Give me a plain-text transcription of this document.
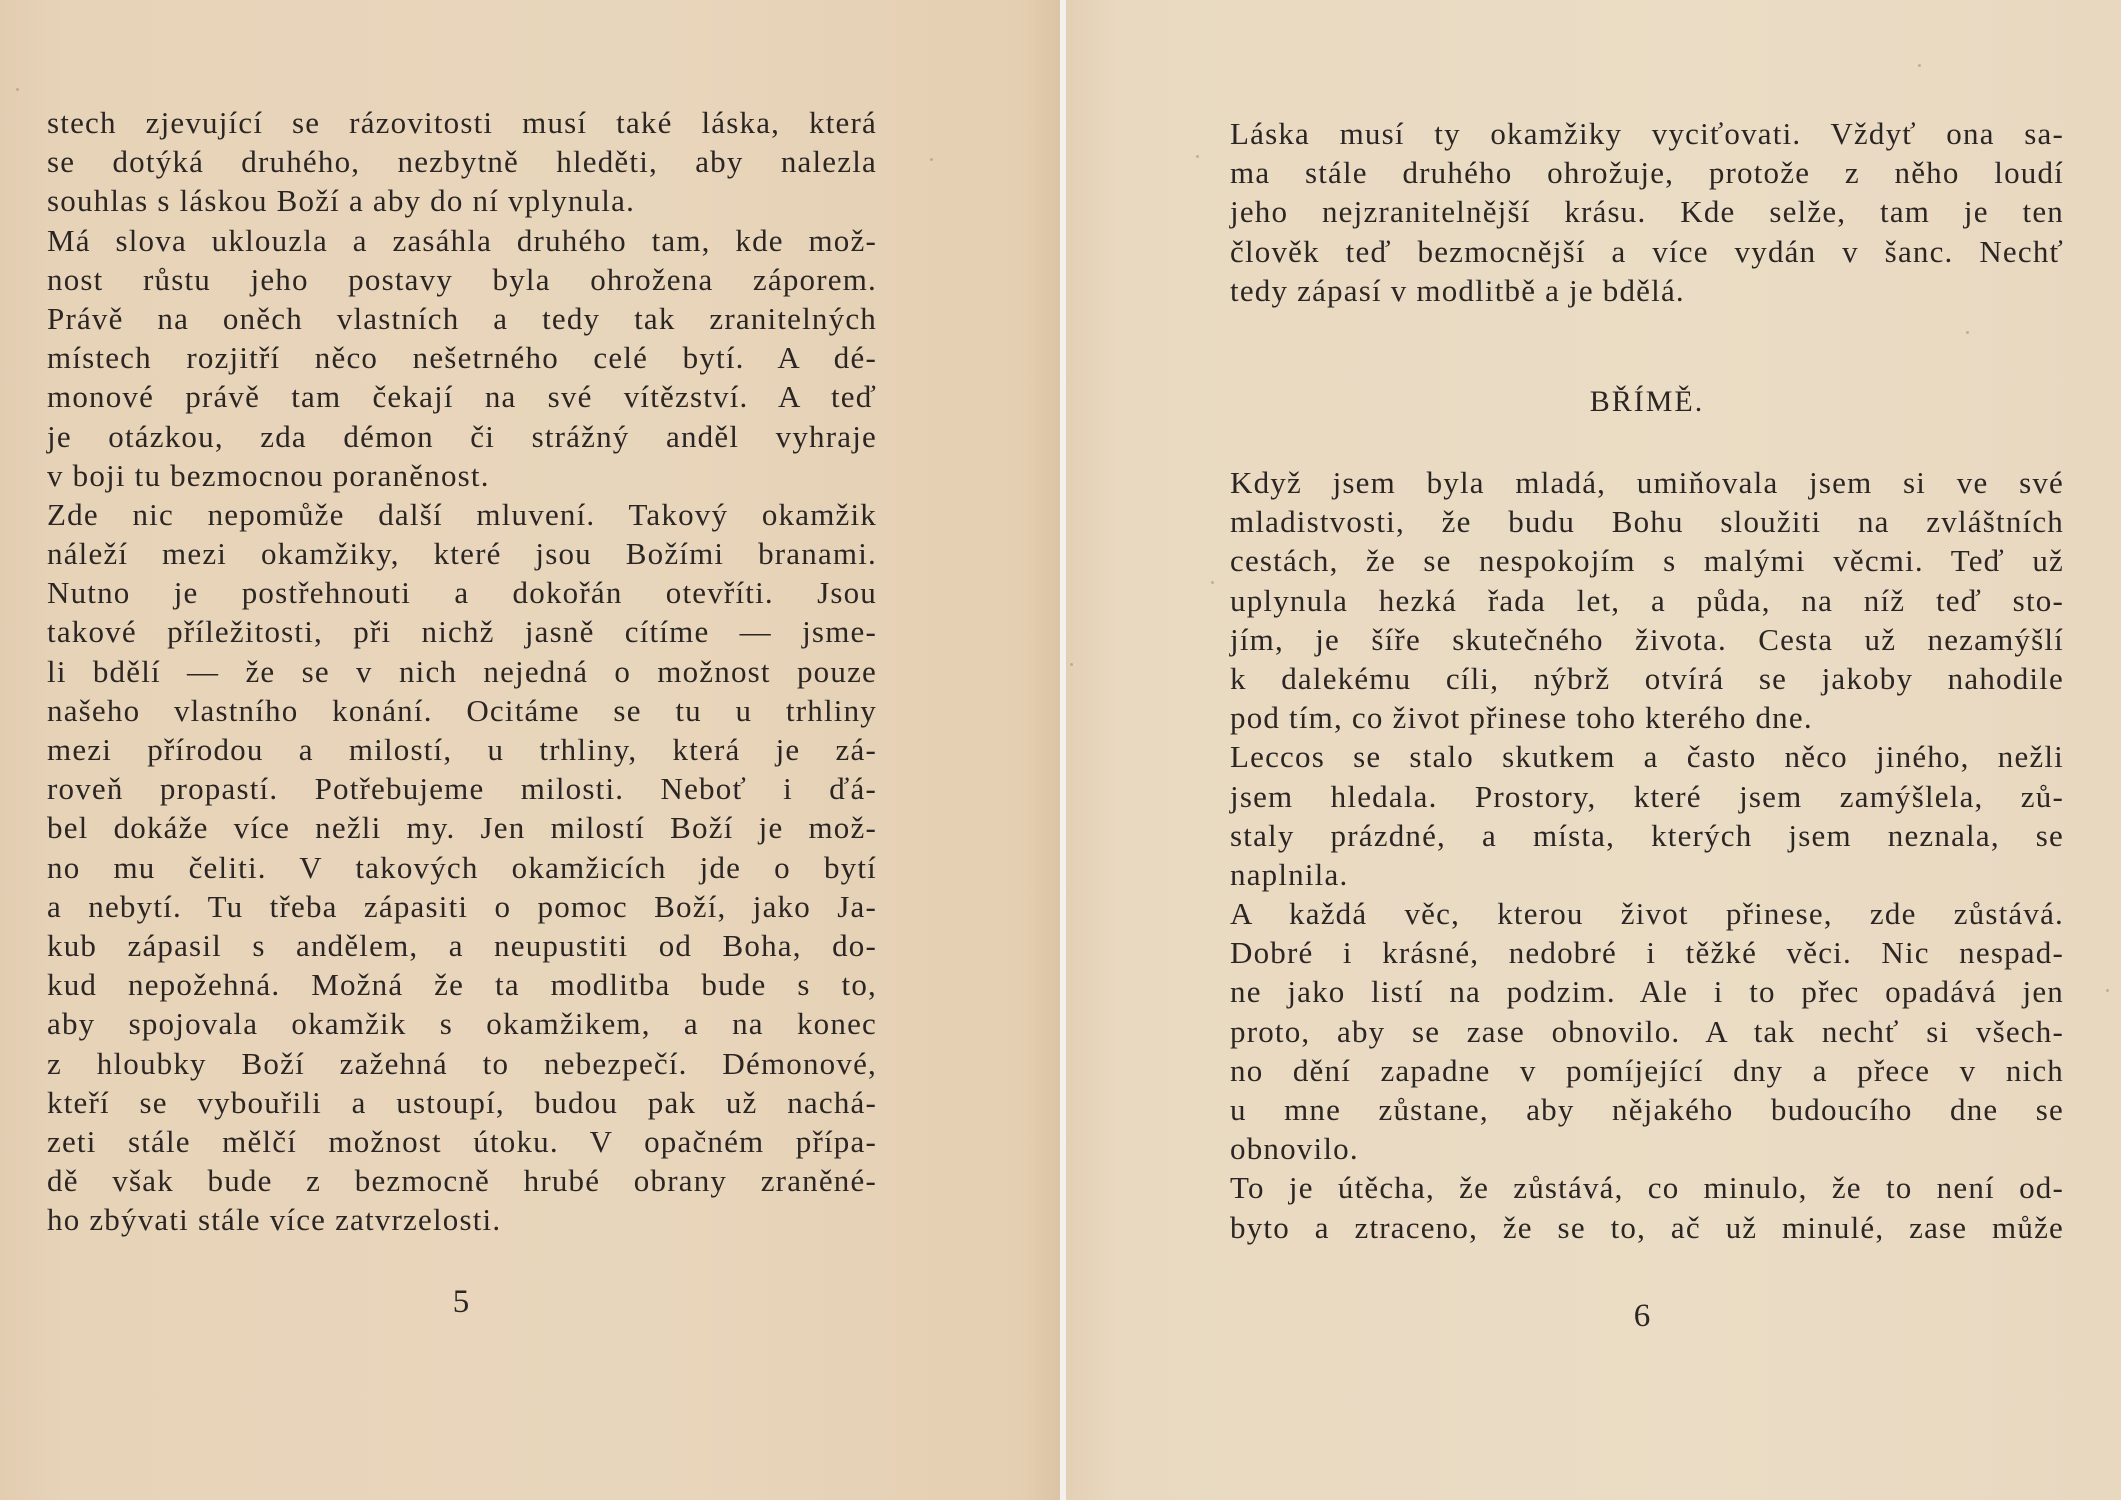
stech zjevující se rázovitosti musí také láska, která
se dotýká druhého, nezbytně hleděti, aby nalezla
souhlas s láskou Boží a aby do ní vplynula.
Má slova uklouzla a zasáhla druhého tam, kde mož-
nost růstu jeho postavy byla ohrožena záporem.
Právě na oněch vlastních a tedy tak zranitelných
místech rozjitří něco nešetrného celé bytí. A dé-
monové právě tam čekají na své vítězství. A teď
je otázkou, zda démon či strážný anděl vyhraje
v boji tu bezmocnou poraněnost.
Zde nic nepomůže další mluvení. Takový okamžik
náleží mezi okamžiky, které jsou Božími branami.
Nutno je postřehnouti a dokořán otevříti. Jsou
takové příležitosti, při nichž jasně cítíme — jsme-
li bdělí — že se v nich nejedná o možnost pouze
našeho vlastního konání. Ocitáme se tu u trhliny
mezi přírodou a milostí, u trhliny, která je zá-
roveň propastí. Potřebujeme milosti. Neboť i ďá-
bel dokáže více nežli my. Jen milostí Boží je mož-
no mu čeliti. V takových okamžicích jde o bytí
a nebytí. Tu třeba zápasiti o pomoc Boží, jako Ja-
kub zápasil s andělem, a neupustiti od Boha, do-
kud nepožehná. Možná že ta modlitba bude s to,
aby spojovala okamžik s okamžikem, a na konec
z hloubky Boží zažehná to nebezpečí. Démonové,
kteří se vybouřili a ustoupí, budou pak už nachá-
zeti stále mělčí možnost útoku. V opačném přípa-
dě však bude z bezmocně hrubé obrany zraněné-
ho zbývati stále více zatvrzelosti.
5
Láska musí ty okamžiky vyciťovati. Vždyť ona sa-
ma stále druhého ohrožuje, protože z něho loudí
jeho nejzranitelnější krásu. Kde selže, tam je ten
člověk teď bezmocnější a více vydán v šanc. Nechť
tedy zápasí v modlitbě a je bdělá.
BŘÍMĚ.
Když jsem byla mladá, umiňovala jsem si ve své
mladistvosti, že budu Bohu sloužiti na zvláštních
cestách, že se nespokojím s malými věcmi. Teď už
uplynula hezká řada let, a půda, na níž teď sto-
jím, je šíře skutečného života. Cesta už nezamýšlí
k dalekému cíli, nýbrž otvírá se jakoby nahodile
pod tím, co život přinese toho kterého dne.
Leccos se stalo skutkem a často něco jiného, nežli
jsem hledala. Prostory, které jsem zamýšlela, zů-
staly prázdné, a místa, kterých jsem neznala, se
naplnila.
A každá věc, kterou život přinese, zde zůstává.
Dobré i krásné, nedobré i těžké věci. Nic nespad-
ne jako listí na podzim. Ale i to přec opadává jen
proto, aby se zase obnovilo. A tak nechť si všech-
no dění zapadne v pomíjející dny a přece v nich
u mne zůstane, aby nějakého budoucího dne se
obnovilo.
To je útěcha, že zůstává, co minulo, že to není od-
byto a ztraceno, že se to, ač už minulé, zase může
6
